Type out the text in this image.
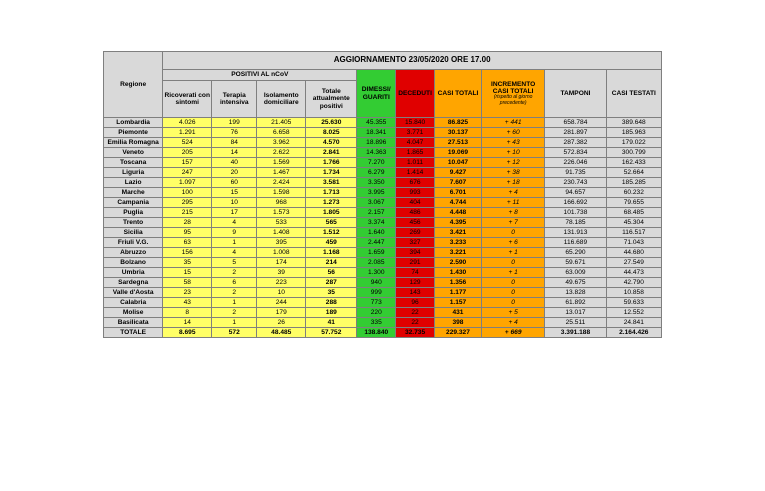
Regione	AGGIORNAMENTO 23/05/2020 ORE 17.00									
	POSITIVI AL nCoV				DIMESSI/ GUARITI	DECEDUTI	CASI TOTALI	INCREMENTO CASI TOTALI
(rispetto al giorno precedente)	TAMPONI	CASI TESTATI
	Ricoverati con sintomi	Terapia intensiva	Isolamento domiciliare	Totale attualmente positivi						
Lombardia	4.026	199	21.405	25.630	45.355	15.840	86.825	+ 441	658.784	389.648
Piemonte	1.291	76	6.658	8.025	18.341	3.771	30.137	+ 60	281.897	185.963
Emilia Romagna	524	84	3.962	4.570	18.896	4.047	27.513	+ 43	287.382	179.022
Veneto	205	14	2.622	2.841	14.363	1.865	19.069	+ 10	572.834	300.799
Toscana	157	40	1.569	1.766	7.270	1.011	10.047	+ 12	226.046	162.433
Liguria	247	20	1.467	1.734	6.279	1.414	9.427	+ 38	91.735	52.664
Lazio	1.097	60	2.424	3.581	3.350	676	7.607	+ 18	230.743	185.285
Marche	100	15	1.598	1.713	3.995	993	6.701	+ 4	94.657	60.232
Campania	295	10	968	1.273	3.067	404	4.744	+ 11	166.692	79.655
Puglia	215	17	1.573	1.805	2.157	486	4.448	+ 8	101.738	68.485
Trento	28	4	533	565	3.374	456	4.395	+ 7	78.185	45.304
Sicilia	95	9	1.408	1.512	1.640	269	3.421	0	131.913	116.517
Friuli V.G.	63	1	395	459	2.447	327	3.233	+ 6	116.689	71.043
Abruzzo	156	4	1.008	1.168	1.659	394	3.221	+ 1	65.290	44.680
Bolzano	35	5	174	214	2.085	291	2.590	0	59.671	27.549
Umbria	15	2	39	56	1.300	74	1.430	+ 1	63.009	44.473
Sardegna	58	6	223	287	940	129	1.356	0	49.675	42.790
Valle d'Aosta	23	2	10	35	999	143	1.177	0	13.828	10.858
Calabria	43	1	244	288	773	96	1.157	0	61.892	59.633
Molise	8	2	179	189	220	22	431	+ 5	13.017	12.552
Basilicata	14	1	26	41	335	22	398	+ 4	25.511	24.841
TOTALE	8.695	572	48.485	57.752	138.840	32.735	229.327	+ 669	3.391.188	2.164.426
